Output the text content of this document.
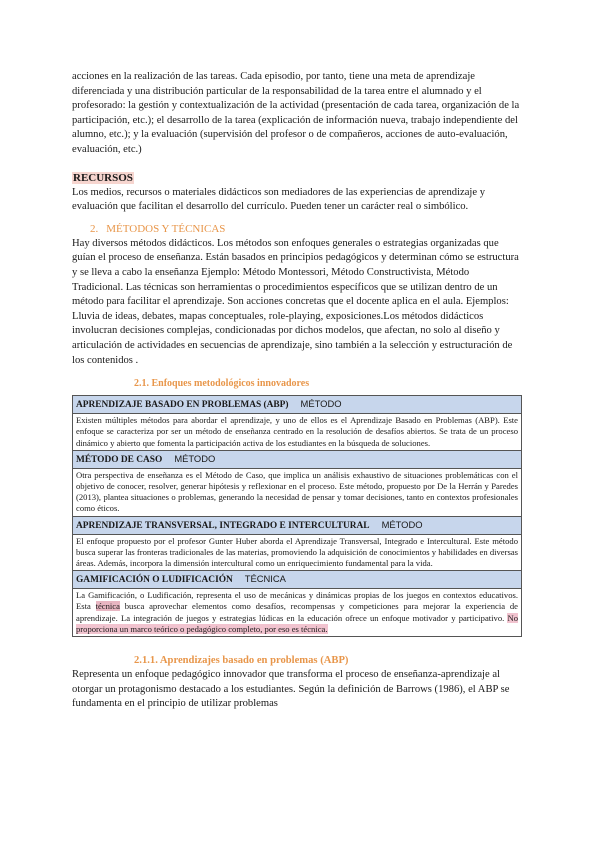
acciones en la realización de las tareas. Cada episodio, por tanto, tiene una meta de aprendizaje diferenciada y una distribución particular de la responsabilidad de la tarea entre el alumnado y el profesorado: la gestión y contextualización de la actividad (presentación de cada tarea, organización de la participación, etc.); el desarrollo de la tarea (explicación de información nueva, trabajo independiente del alumno, etc.); y la evaluación (supervisión del profesor o de compañeros, acciones de auto-evaluación, evaluación, etc.)

RECURSOS

Los medios, recursos o materiales didácticos son mediadores de las experiencias de aprendizaje y evaluación que facilitan el desarrollo del currículo. Pueden tener un carácter real o simbólico.

2. MÉTODOS Y TÉCNICAS

Hay diversos métodos didácticos. Los métodos son enfoques generales o estrategias organizadas que guían el proceso de enseñanza. Están basados en principios pedagógicos y determinan cómo se estructura y se lleva a cabo la enseñanza Ejemplo: Método Montessori, Método Constructivista, Método Tradicional. Las técnicas son herramientas o procedimientos específicos que se utilizan dentro de un método para facilitar el aprendizaje. Son acciones concretas que el docente aplica en el aula. Ejemplos: Lluvia de ideas, debates, mapas conceptuales, role-playing, exposiciones.Los métodos didácticos involucran decisiones complejas, condicionadas por dichos modelos, que afectan, no solo al diseño y articulación de actividades en secuencias de aprendizaje, sino también a la selección y estructuración de los contenidos .

2.1. Enfoques metodológicos innovadores
APRENDIZAJE BASADO EN PROBLEMAS (ABP) MÉTODO
Existen múltiples métodos para abordar el aprendizaje, y uno de ellos es el Aprendizaje Basado en Problemas (ABP). Este enfoque se caracteriza por ser un método de enseñanza centrado en la resolución de desafíos abiertos. Se trata de un proceso dinámico y abierto que fomenta la participación activa de los estudiantes en la búsqueda de soluciones.
MÉTODO DE CASO MÉTODO
Otra perspectiva de enseñanza es el Método de Caso, que implica un análisis exhaustivo de situaciones problemáticas con el objetivo de conocer, resolver, generar hipótesis y reflexionar en el proceso. Este método, propuesto por De la Herrán y Paredes (2013), plantea situaciones o problemas, generando la necesidad de pensar y tomar decisiones, tanto en contextos profesionales como éticos.
APRENDIZAJE TRANSVERSAL, INTEGRADO E INTERCULTURAL MÉTODO
El enfoque propuesto por el profesor Gunter Huber aborda el Aprendizaje Transversal, Integrado e Intercultural. Este método busca superar las fronteras tradicionales de las materias, promoviendo la adquisición de conocimientos y habilidades en diversas áreas. Además, incorpora la dimensión intercultural como un enriquecimiento fundamental para la vida.
GAMIFICACIÓN O LUDIFICACIÓN TÉCNICA
La Gamificación, o Ludificación, representa el uso de mecánicas y dinámicas propias de los juegos en contextos educativos. Esta técnica busca aprovechar elementos como desafíos, recompensas y competiciones para mejorar la experiencia de aprendizaje. La integración de juegos y estrategias lúdicas en la educación ofrece un enfoque motivador y participativo. No proporciona un marco teórico o pedagógico completo, por eso es técnica.
2.1.1. Aprendizajes basado en problemas (ABP)

Representa un enfoque pedagógico innovador que transforma el proceso de enseñanza-aprendizaje al otorgar un protagonismo destacado a los estudiantes. Según la definición de Barrows (1986), el ABP se fundamenta en el principio de utilizar problemas
